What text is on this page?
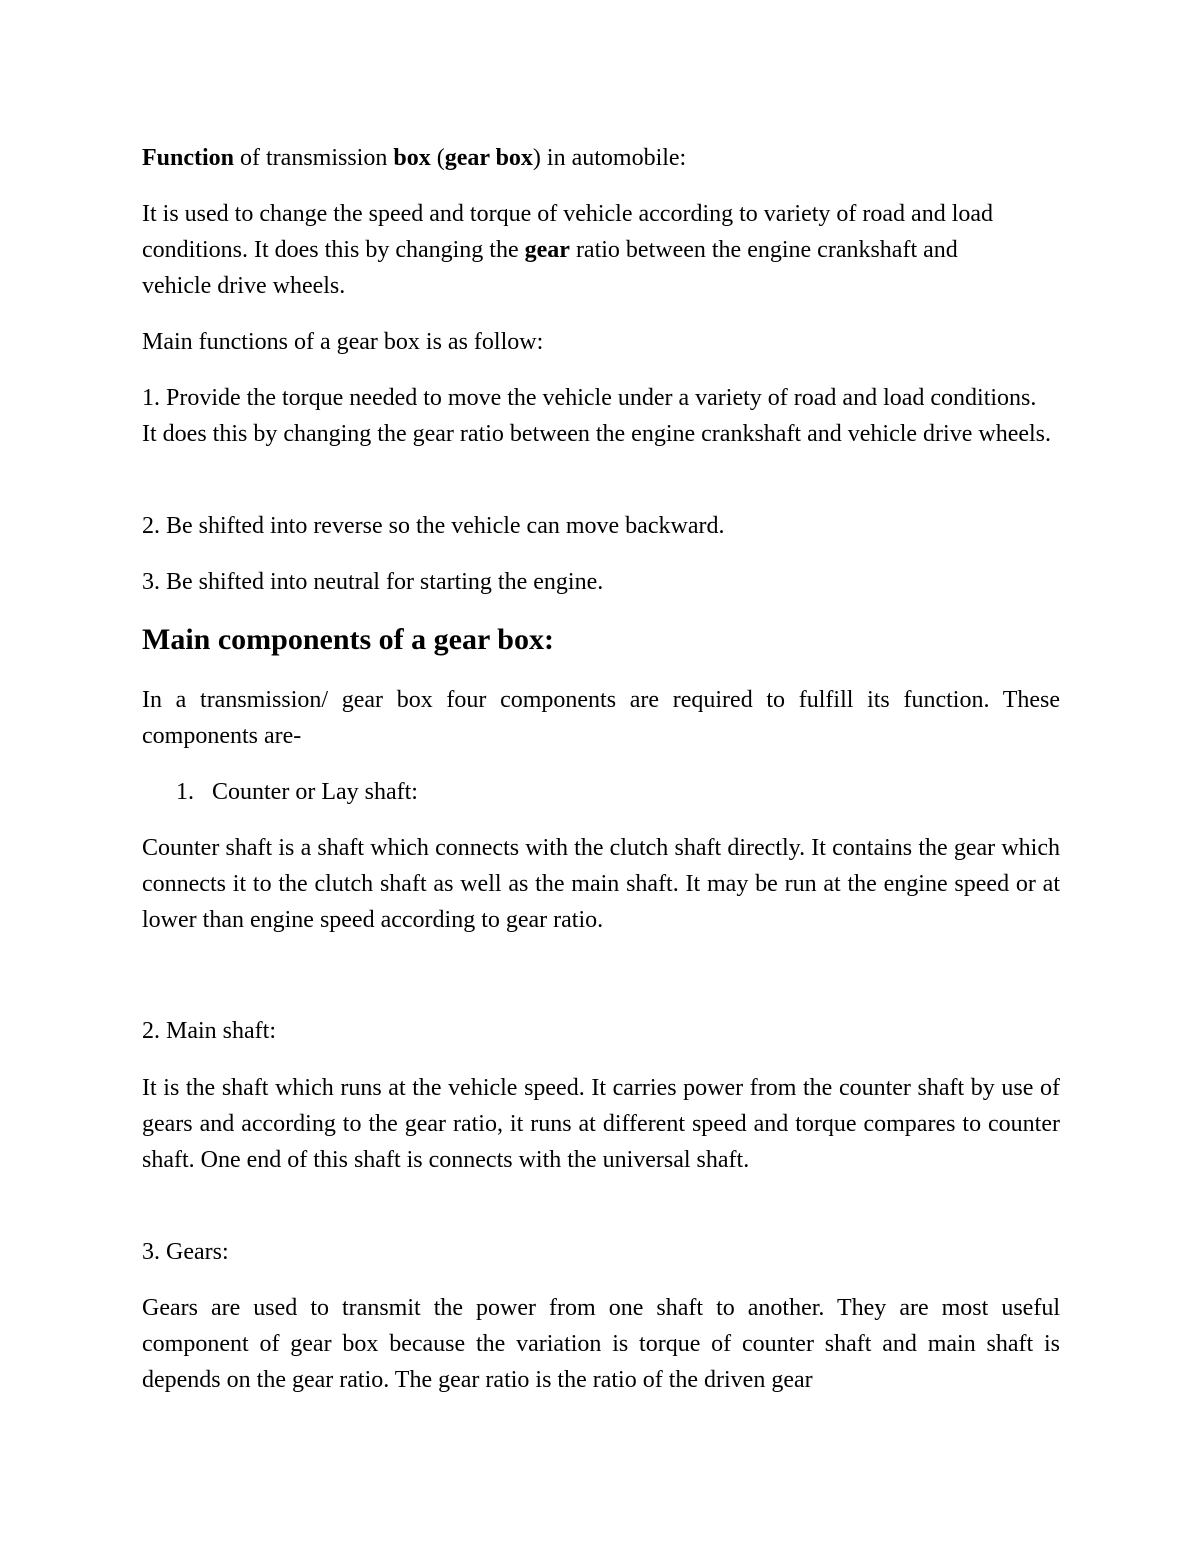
Function of transmission box (gear box) in automobile:

It is used to change the speed and torque of vehicle according to variety of road and load conditions. It does this by changing the gear ratio between the engine crankshaft and vehicle drive wheels.

Main functions of a gear box is as follow:

1. Provide the torque needed to move the vehicle under a variety of road and load conditions. It does this by changing the gear ratio between the engine crankshaft and vehicle drive wheels.

2. Be shifted into reverse so the vehicle can move backward.

3. Be shifted into neutral for starting the engine.

Main components of a gear box:

In a transmission/ gear box four components are required to fulfill its function. These components are-

1. Counter or Lay shaft:

Counter shaft is a shaft which connects with the clutch shaft directly. It contains the gear which connects it to the clutch shaft as well as the main shaft. It may be run at the engine speed or at lower than engine speed according to gear ratio.

2. Main shaft:

It is the shaft which runs at the vehicle speed. It carries power from the counter shaft by use of gears and according to the gear ratio, it runs at different speed and torque compares to counter shaft. One end of this shaft is connects with the universal shaft.

3. Gears:

Gears are used to transmit the power from one shaft to another. They are most useful component of gear box because the variation is torque of counter shaft and main shaft is depends on the gear ratio. The gear ratio is the ratio of the driven gear
